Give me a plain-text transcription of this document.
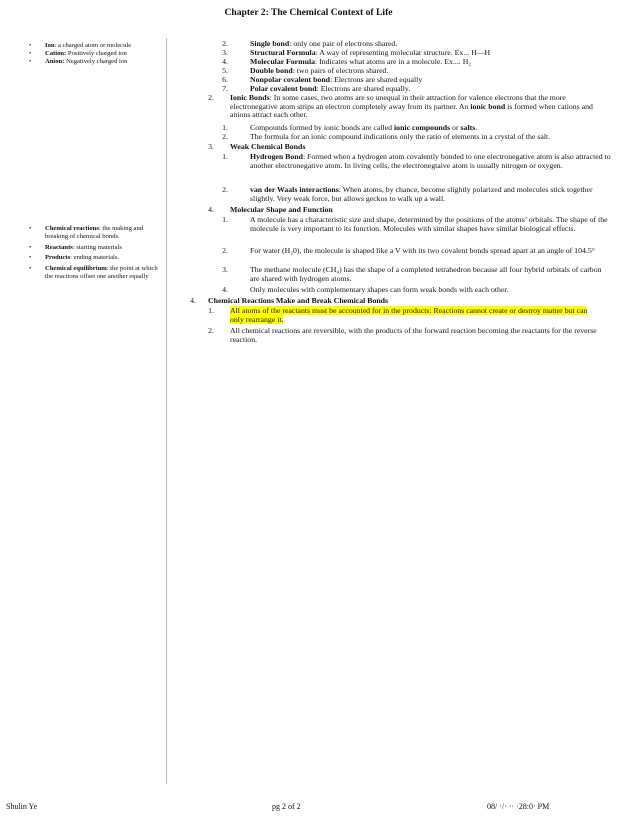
Chapter 2: The Chemical Context of Life
• Ion: a charged atom or molecule
• Cation: Positively charged ion
• Anion: Negatively charged ion
• Chemical reactions: the making and breaking of chemical bonds.
• Reactants: starting materials
• Products: ending materials.
• Chemical equilibrium: the point at which the reactions offset one another equally
2.	Single bond: only one pair of electrons shared.
3.	Structural Formula: A way of representing molecular structure. Ex... H—H
4.	Molecular Formula: Indicates what atoms are in a molecule. Ex.... H₂
5.	Double bond: two pairs of electrons shared.
6.	Nonpolar covalent bond: Electrons are shared equally
7.	Polar covalent bond: Electrons are shared equally.
2. Ionic Bonds: In some cases, two atoms are so unequal in their attraction for valence electrons that the more electronegative atom strips an electron completely away from its partner. An ionic bond is formed when cations and anions attract each other.
1.	Compounds formed by ionic bonds are called ionic compounds or salts.
2.	The formula for an ionic compound indications only the ratio of elements in a crystal of the salt.
3. Weak Chemical Bonds
1.	Hydrogen Bond: Formed when a hydrogen atom covalently bonded to one electronegative atom is also attracted to another electronegative atom. In living cells, the electronegtaive atom is usually nitrogen or oxygen.
2.	van der Waals interactions: When atoms, by chance, become slightly polarized and molecules stick together slightly. Very weak force, but allows geckos to walk up a wall.
4. Molecular Shape and Function
1.	A molecule has a characteristic size and shape, determined by the positions of the atoms’ orbitals. The shape of the molecule is very important to its function. Molecules with similar shapes have similar biological effects.
2.	For water (H₂0), the molecule is shaped like a V with its two covalent bonds spread apart at an angle of 104.5°
3.	The methane molecule (CH₄) has the shape of a completed tetrahedron because all four hybrid orbitals of carbon are shared with hydrogen atoms.
4.	Only molecules with complementary shapes can form weak bonds with each other.
4. Chemical Reactions Make and Break Chemical Bonds
1. All atoms of the reactants must be accounted for in the products: Reactions cannot create or destroy matter but can only rearrange it.
2. All chemical reactions are reversible, with the products of the forward reaction becoming the reactants for the reverse reaction.
Shulin Ye	pg 2 of 2	08/ ·/· ·· ·28:0· PM
